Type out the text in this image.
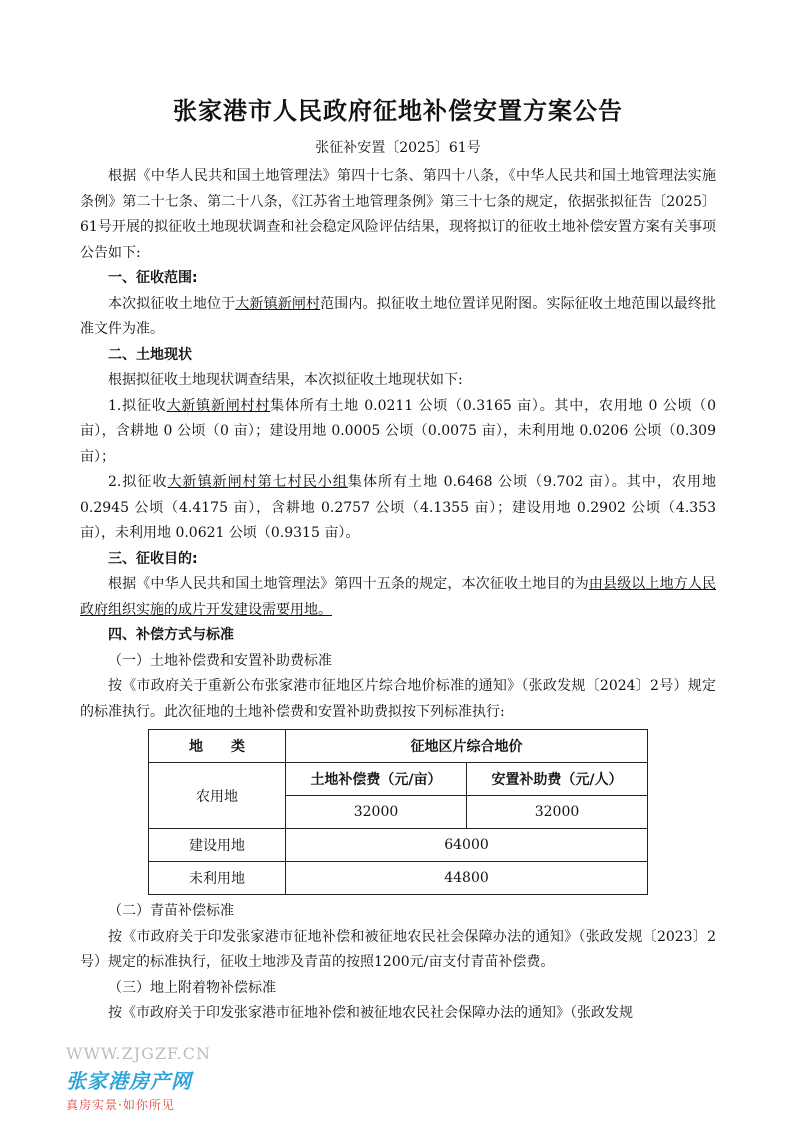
张家港市人民政府征地补偿安置方案公告
张征补安置〔2025〕61号

根据《中华人民共和国土地管理法》第四十七条、第四十八条，《中华人民共和国土地管理法实施条例》第二十七条、第二十八条，《江苏省土地管理条例》第三十七条的规定，依据张拟征告〔2025〕61号开展的拟征收土地现状调查和社会稳定风险评估结果，现将拟订的征收土地补偿安置方案有关事项公告如下:

一、征收范围:

本次拟征收土地位于大新镇新闸村范围内。拟征收土地位置详见附图。实际征收土地范围以最终批准文件为准。

二、土地现状

根据拟征收土地现状调查结果，本次拟征收土地现状如下:

1.拟征收大新镇新闸村村集体所有土地 0.0211 公顷（0.3165 亩）。其中，农用地 0 公顷（0 亩），含耕地 0 公顷（0 亩）；建设用地 0.0005 公顷（0.0075 亩），未利用地 0.0206 公顷（0.309 亩）；

2.拟征收大新镇新闸村第七村民小组集体所有土地 0.6468 公顷（9.702 亩）。其中，农用地 0.2945 公顷（4.4175 亩），含耕地 0.2757 公顷（4.1355 亩）；建设用地 0.2902 公顷（4.353 亩），未利用地 0.0621 公顷（0.9315 亩）。

三、征收目的:

根据《中华人民共和国土地管理法》第四十五条的规定，本次征收土地目的为由县级以上地方人民政府组织实施的成片开发建设需要用地。

四、补偿方式与标准

（一）土地补偿费和安置补助费标准

按《市政府关于重新公布张家港市征地区片综合地价标准的通知》（张政发规〔2024〕2号）规定的标准执行。此次征地的土地补偿费和安置补助费拟按下列标准执行:

地　　类	征地区片综合地价	
农用地	土地补偿费（元/亩）	安置补助费（元/人）
	32000	32000
建设用地	64000	
未利用地	44800	

（二）青苗补偿标准

按《市政府关于印发张家港市征地补偿和被征地农民社会保障办法的通知》（张政发规〔2023〕2号）规定的标准执行，征收土地涉及青苗的按照1200元/亩支付青苗补偿费。

（三）地上附着物补偿标准

按《市政府关于印发张家港市征地补偿和被征地农民社会保障办法的通知》（张政发规

WWW.ZJGZF.CN
张家港房产网
真房实景·如你所见
